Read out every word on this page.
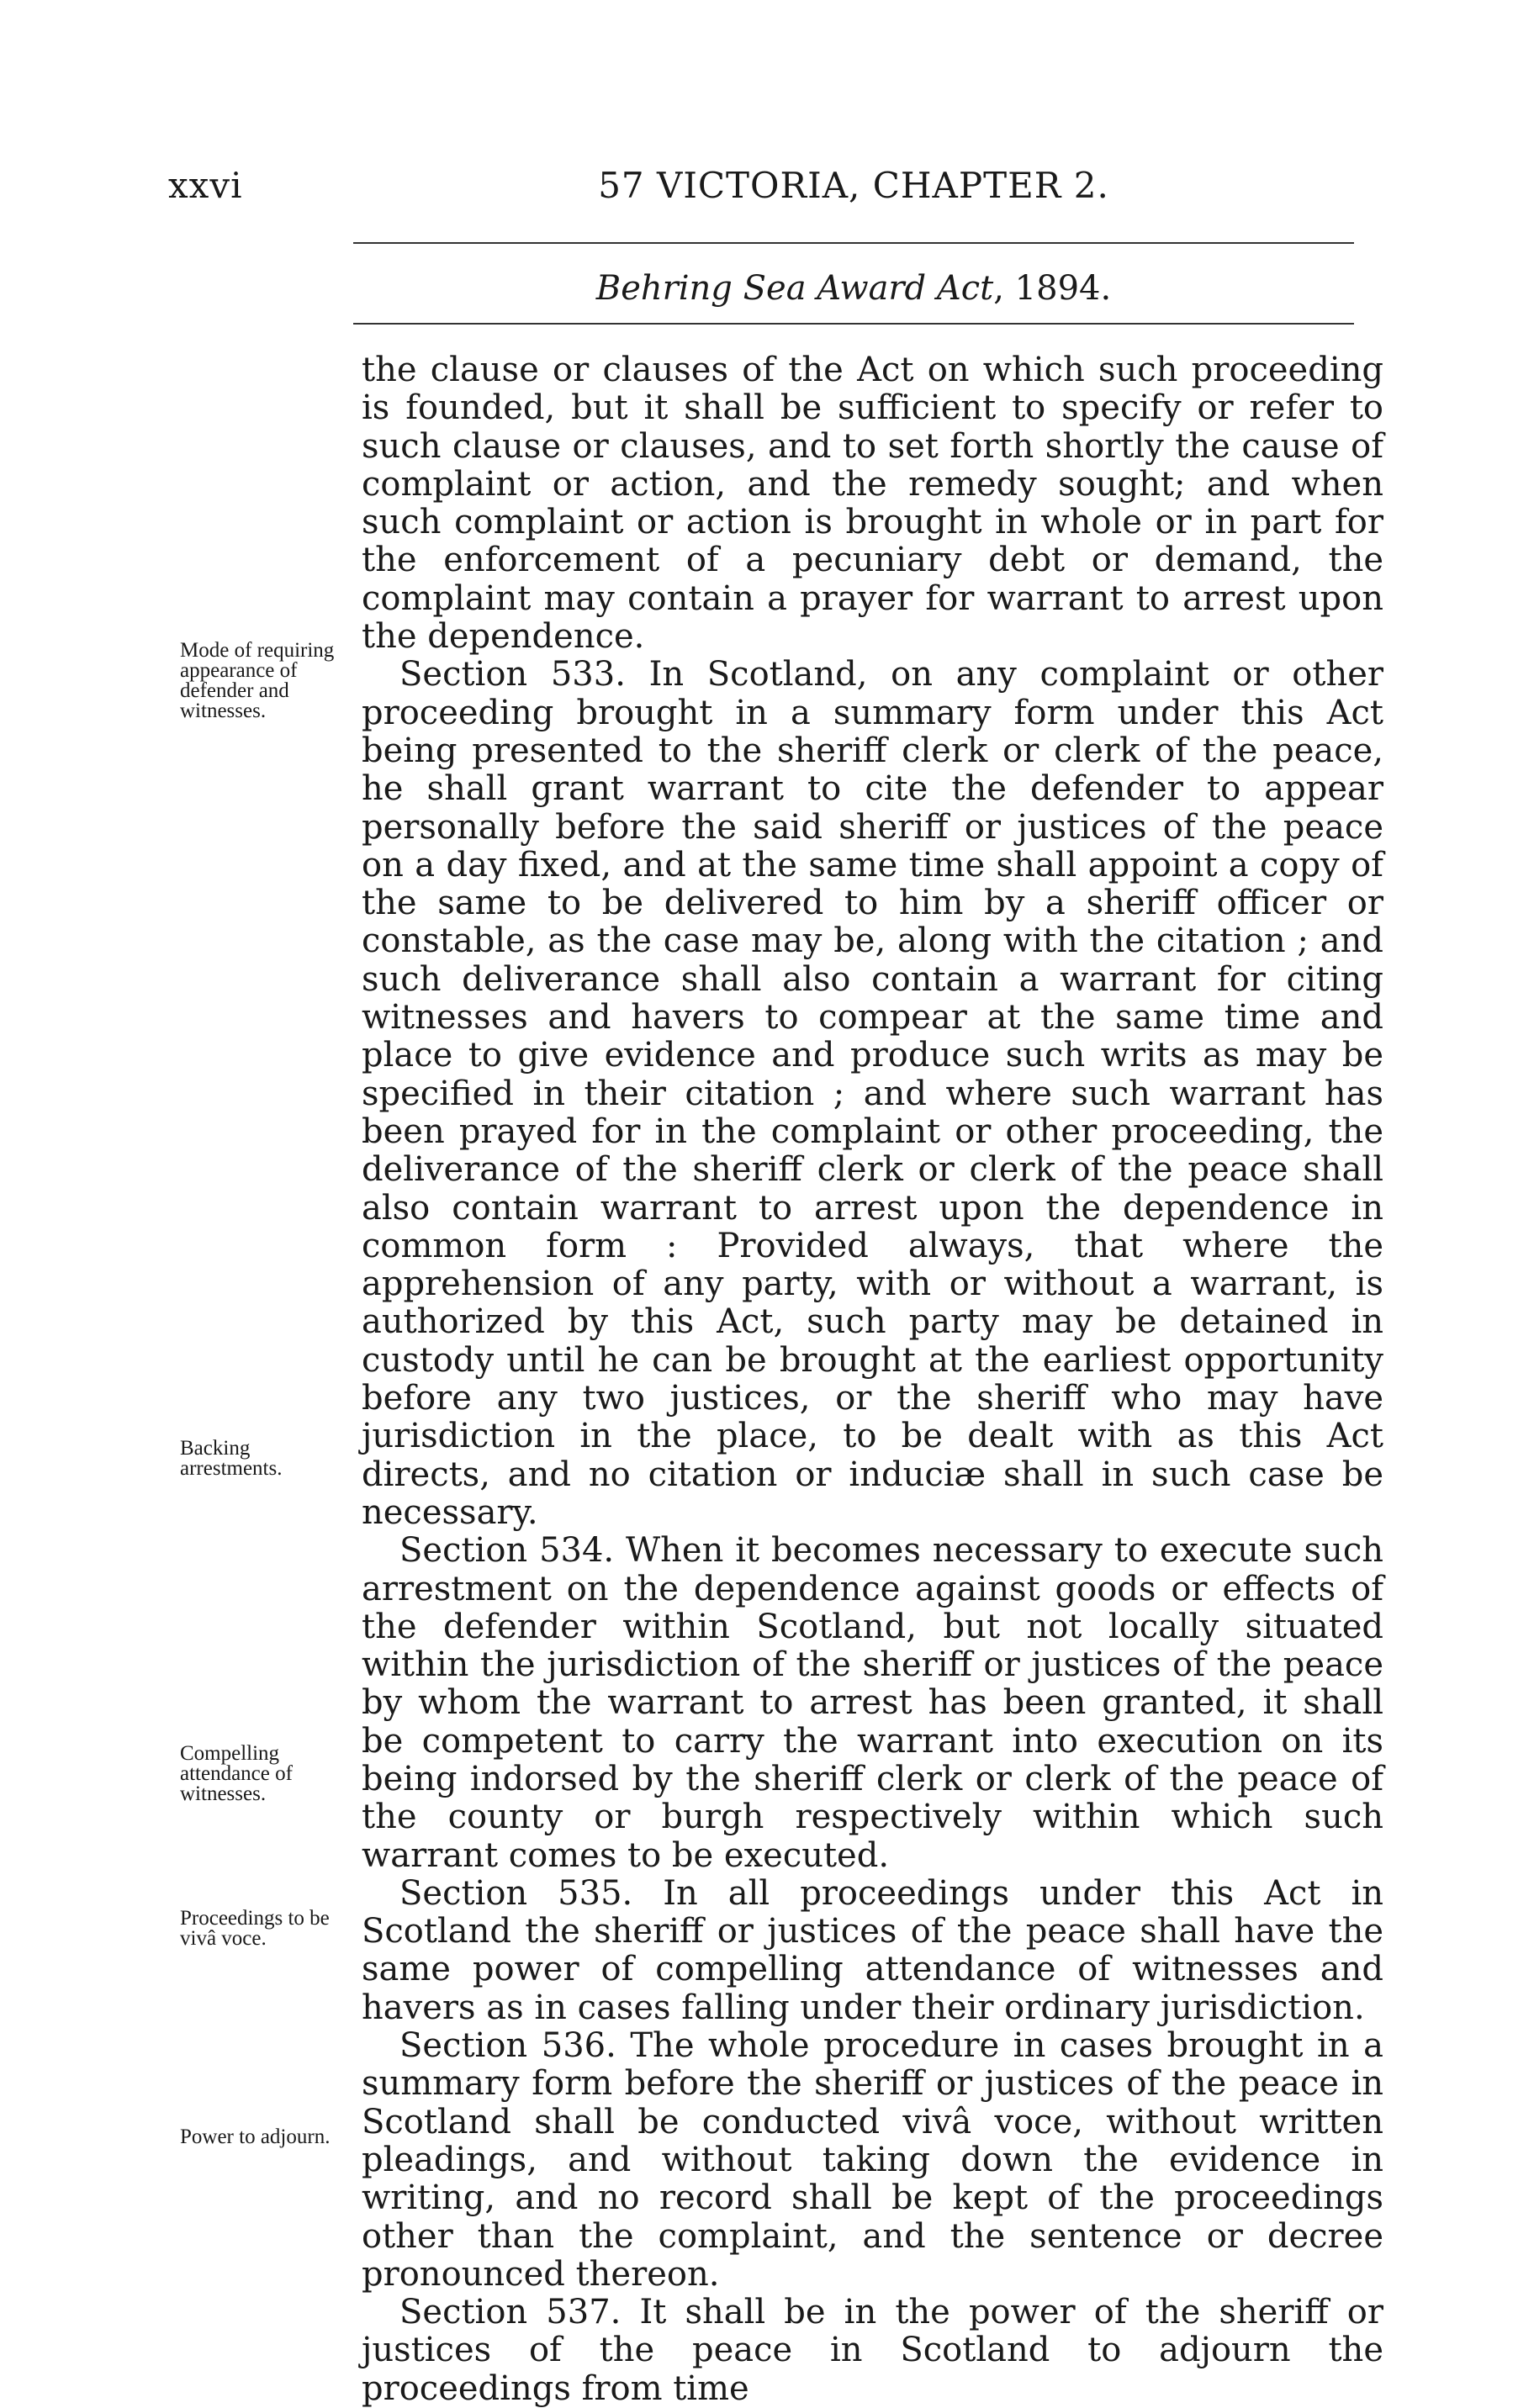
xxvi	57 VICTORIA, CHAPTER 2.
Behring Sea Award Act, 1894.
Mode of requiring appearance of defender and witnesses.
Backing arrestments.
Compelling attendance of witnesses.
Proceedings to be vivâ voce.
Power to adjourn.

the clause or clauses of the Act on which such proceeding is founded, but it shall be sufficient to specify or refer to such clause or clauses, and to set forth shortly the cause of complaint or action, and the remedy sought; and when such complaint or action is brought in whole or in part for the enforcement of a pecuniary debt or demand, the complaint may contain a prayer for warrant to arrest upon the dependence.

Section 533. In Scotland, on any complaint or other proceeding brought in a summary form under this Act being presented to the sheriff clerk or clerk of the peace, he shall grant warrant to cite the defender to appear personally before the said sheriff or justices of the peace on a day fixed, and at the same time shall appoint a copy of the same to be delivered to him by a sheriff officer or constable, as the case may be, along with the citation ; and such deliverance shall also contain a warrant for citing witnesses and havers to compear at the same time and place to give evidence and produce such writs as may be specified in their citation ; and where such warrant has been prayed for in the complaint or other proceeding, the deliverance of the sheriff clerk or clerk of the peace shall also contain warrant to arrest upon the dependence in common form : Provided always, that where the apprehension of any party, with or without a warrant, is authorized by this Act, such party may be detained in custody until he can be brought at the earliest opportunity before any two justices, or the sheriff who may have jurisdiction in the place, to be dealt with as this Act directs, and no citation or induciæ shall in such case be necessary.

Section 534. When it becomes necessary to execute such arrestment on the dependence against goods or effects of the defender within Scotland, but not locally situated within the jurisdiction of the sheriff or justices of the peace by whom the warrant to arrest has been granted, it shall be competent to carry the warrant into execution on its being indorsed by the sheriff clerk or clerk of the peace of the county or burgh respectively within which such warrant comes to be executed.

Section 535. In all proceedings under this Act in Scotland the sheriff or justices of the peace shall have the same power of compelling attendance of witnesses and havers as in cases falling under their ordinary jurisdiction.

Section 536. The whole procedure in cases brought in a summary form before the sheriff or justices of the peace in Scotland shall be conducted vivâ voce, without written pleadings, and without taking down the evidence in writing, and no record shall be kept of the proceedings other than the complaint, and the sentence or decree pronounced thereon.

Section 537. It shall be in the power of the sheriff or justices of the peace in Scotland to adjourn the proceedings from time
